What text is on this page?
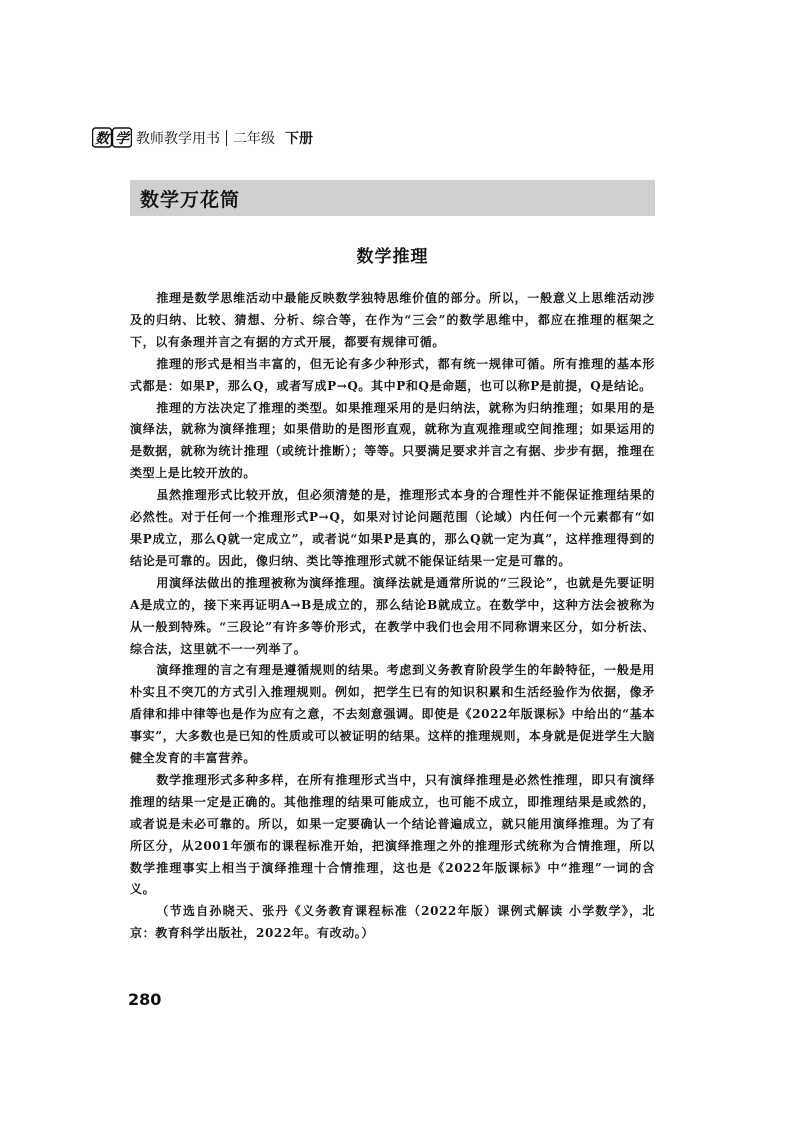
数 学 教师教学用书 二年级 下册
数学万花筒
数学推理

推理是数学思维活动中最能反映数学独特思维价值的部分。所以，一般意义上思维活动涉及的归纳、比较、猜想、分析、综合等，在作为“三会”的数学思维中，都应在推理的框架之下，以有条理并言之有据的方式开展，都要有规律可循。

推理的形式是相当丰富的，但无论有多少种形式，都有统一规律可循。所有推理的基本形式都是：如果P，那么Q，或者写成P→Q。其中P和Q是命题，也可以称P是前提，Q是结论。

推理的方法决定了推理的类型。如果推理采用的是归纳法，就称为归纳推理；如果用的是演绎法，就称为演绎推理；如果借助的是图形直观，就称为直观推理或空间推理；如果运用的是数据，就称为统计推理（或统计推断）；等等。只要满足要求并言之有据、步步有据，推理在类型上是比较开放的。

虽然推理形式比较开放，但必须清楚的是，推理形式本身的合理性并不能保证推理结果的必然性。对于任何一个推理形式P→Q，如果对讨论问题范围（论域）内任何一个元素都有“如果P成立，那么Q就一定成立”，或者说“如果P是真的，那么Q就一定为真”，这样推理得到的结论是可靠的。因此，像归纳、类比等推理形式就不能保证结果一定是可靠的。

用演绎法做出的推理被称为演绎推理。演绎法就是通常所说的“三段论”，也就是先要证明A是成立的，接下来再证明A→B是成立的，那么结论B就成立。在数学中，这种方法会被称为从一般到特殊。“三段论”有许多等价形式，在教学中我们也会用不同称谓来区分，如分析法、综合法，这里就不一一列举了。

演绎推理的言之有理是遵循规则的结果。考虑到义务教育阶段学生的年龄特征，一般是用朴实且不突兀的方式引入推理规则。例如，把学生已有的知识积累和生活经验作为依据，像矛盾律和排中律等也是作为应有之意，不去刻意强调。即使是《2022年版课标》中给出的“基本事实”，大多数也是已知的性质或可以被证明的结果。这样的推理规则，本身就是促进学生大脑健全发育的丰富营养。

数学推理形式多种多样，在所有推理形式当中，只有演绎推理是必然性推理，即只有演绎推理的结果一定是正确的。其他推理的结果可能成立，也可能不成立，即推理结果是或然的，或者说是未必可靠的。所以，如果一定要确认一个结论普遍成立，就只能用演绎推理。为了有所区分，从2001年颁布的课程标准开始，把演绎推理之外的推理形式统称为合情推理，所以数学推理事实上相当于演绎推理十合情推理，这也是《2022年版课标》中“推理”一词的含义。

（节选自孙晓天、张丹《义务教育课程标准（2022年版）课例式解读 小学数学》，北京：教育科学出版社，2022年。有改动。）

280
